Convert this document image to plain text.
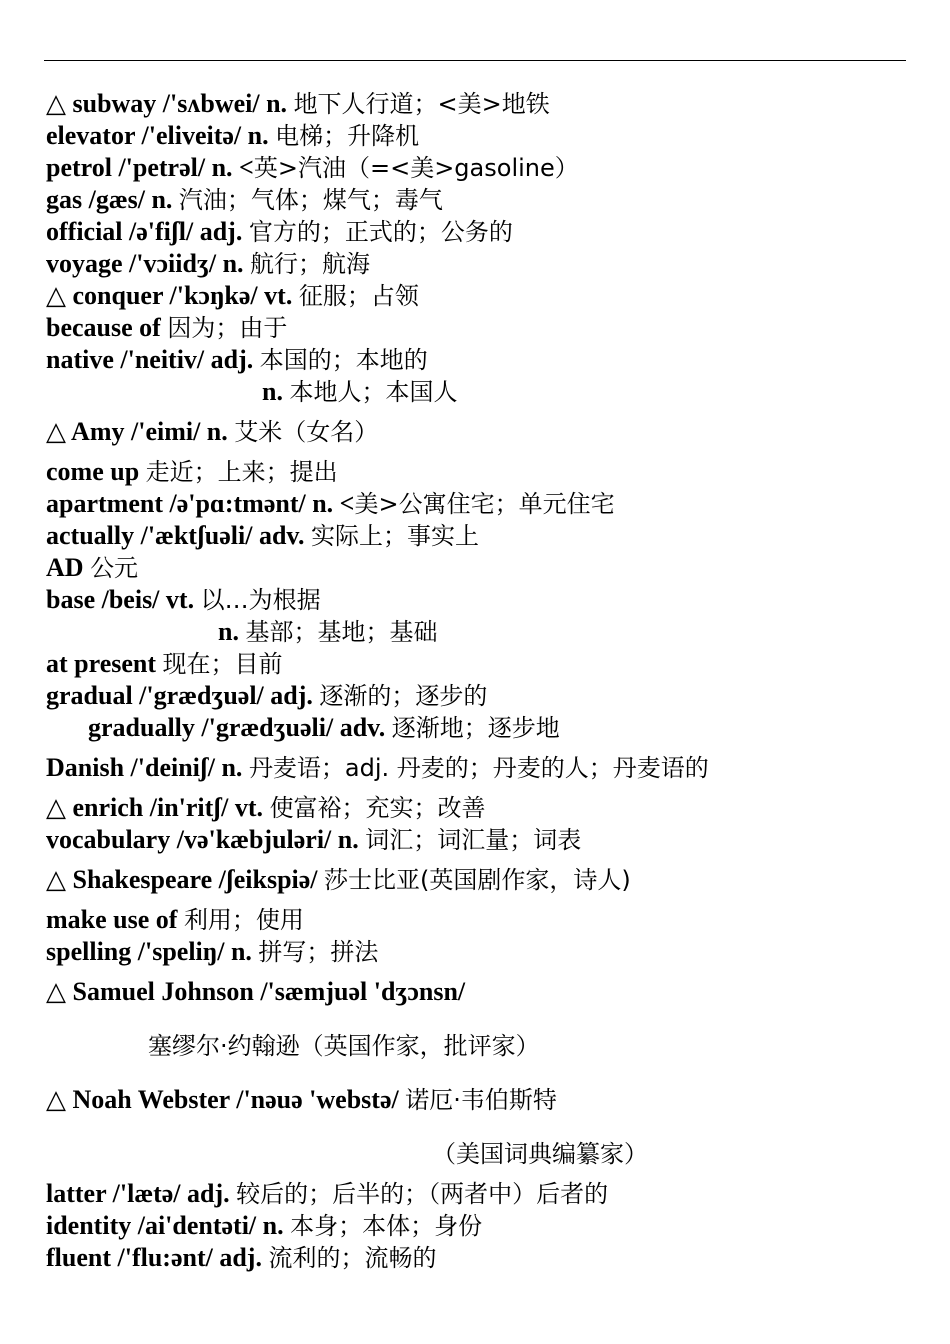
△ subway /'sʌbwei/ n. 地下人行道；<美>地铁
elevator /'eliveitə/ n. 电梯；升降机
petrol /'petrəl/ n. <英>汽油（=<美>gasoline）
gas /gæs/ n. 汽油；气体；煤气；毒气
official /ə'fiʃl/ adj. 官方的；正式的；公务的
voyage /'vɔiidʒ/ n. 航行；航海
△ conquer /'kɔŋkə/ vt. 征服；占领
because of 因为；由于
native /'neitiv/ adj. 本国的；本地的
n. 本地人；本国人
△ Amy /'eimi/ n. 艾米（女名）
come up 走近；上来；提出
apartment /ə'pɑ:tmənt/ n. <美>公寓住宅；单元住宅
actually /'æktʃuəli/ adv. 实际上；事实上
AD 公元
base /beis/ vt. 以…为根据
n. 基部；基地；基础
at present 现在；目前
gradual /'grædʒuəl/ adj. 逐渐的；逐步的
gradually /'grædʒuəli/ adv. 逐渐地；逐步地
Danish /'deiniʃ/ n. 丹麦语；adj. 丹麦的；丹麦的人；丹麦语的
△ enrich /in'ritʃ/ vt. 使富裕；充实；改善
vocabulary /və'kæbjuləri/ n. 词汇；词汇量；词表
△ Shakespeare /ʃeikspiə/ 莎士比亚(英国剧作家，诗人)
make use of 利用；使用
spelling /'speliŋ/ n. 拼写；拼法
△ Samuel Johnson /'sæmjuəl 'dʒɔnsn/
塞缪尔·约翰逊（英国作家，批评家）
△ Noah Webster /'nəuə 'webstə/ 诺厄·韦伯斯特
（美国词典编纂家）
latter /'lætə/ adj. 较后的；后半的；（两者中）后者的
identity /ai'dentəti/ n. 本身；本体；身份
fluent /'flu:ənt/ adj. 流利的；流畅的
